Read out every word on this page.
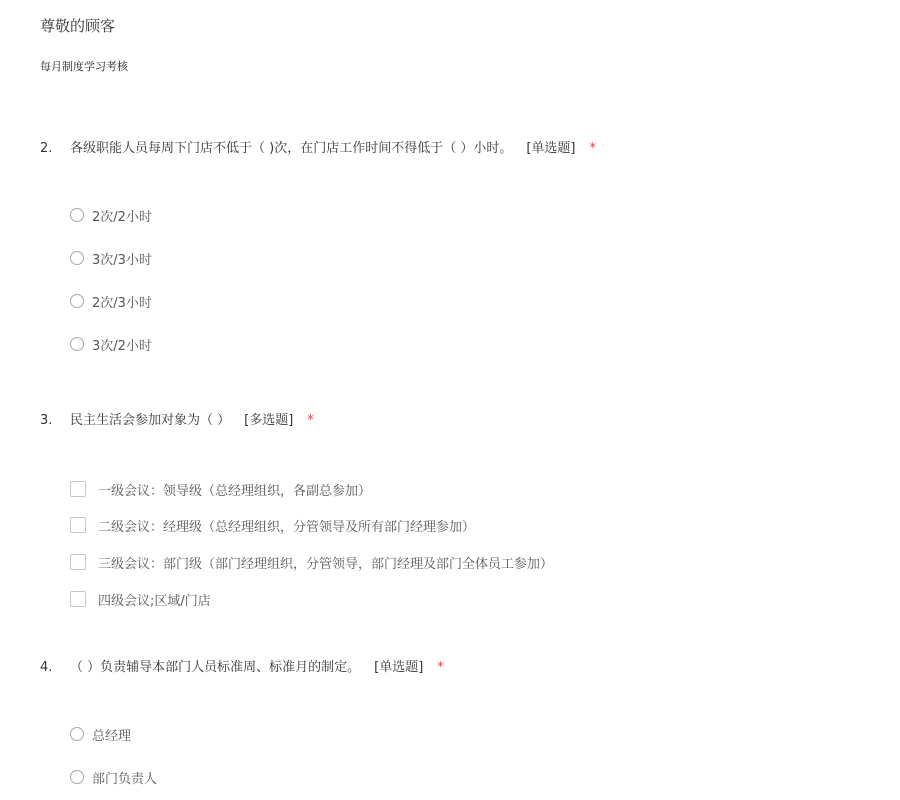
尊敬的顾客
每月制度学习考核
2. 各级职能人员每周下门店不低于（ )次，在门店工作时间不得低于（ ）小时。 [单选题] *
2次/2小时
3次/3小时
2次/3小时
3次/2小时
3. 民主生活会参加对象为（ ） [多选题] *
一级会议：领导级（总经理组织，各副总参加）
二级会议：经理级（总经理组织，分管领导及所有部门经理参加）
三级会议：部门级（部门经理组织，分管领导，部门经理及部门全体员工参加）
四级会议;区域/门店
4. （ ）负责辅导本部门人员标准周、标准月的制定。 [单选题] *
总经理
部门负责人
